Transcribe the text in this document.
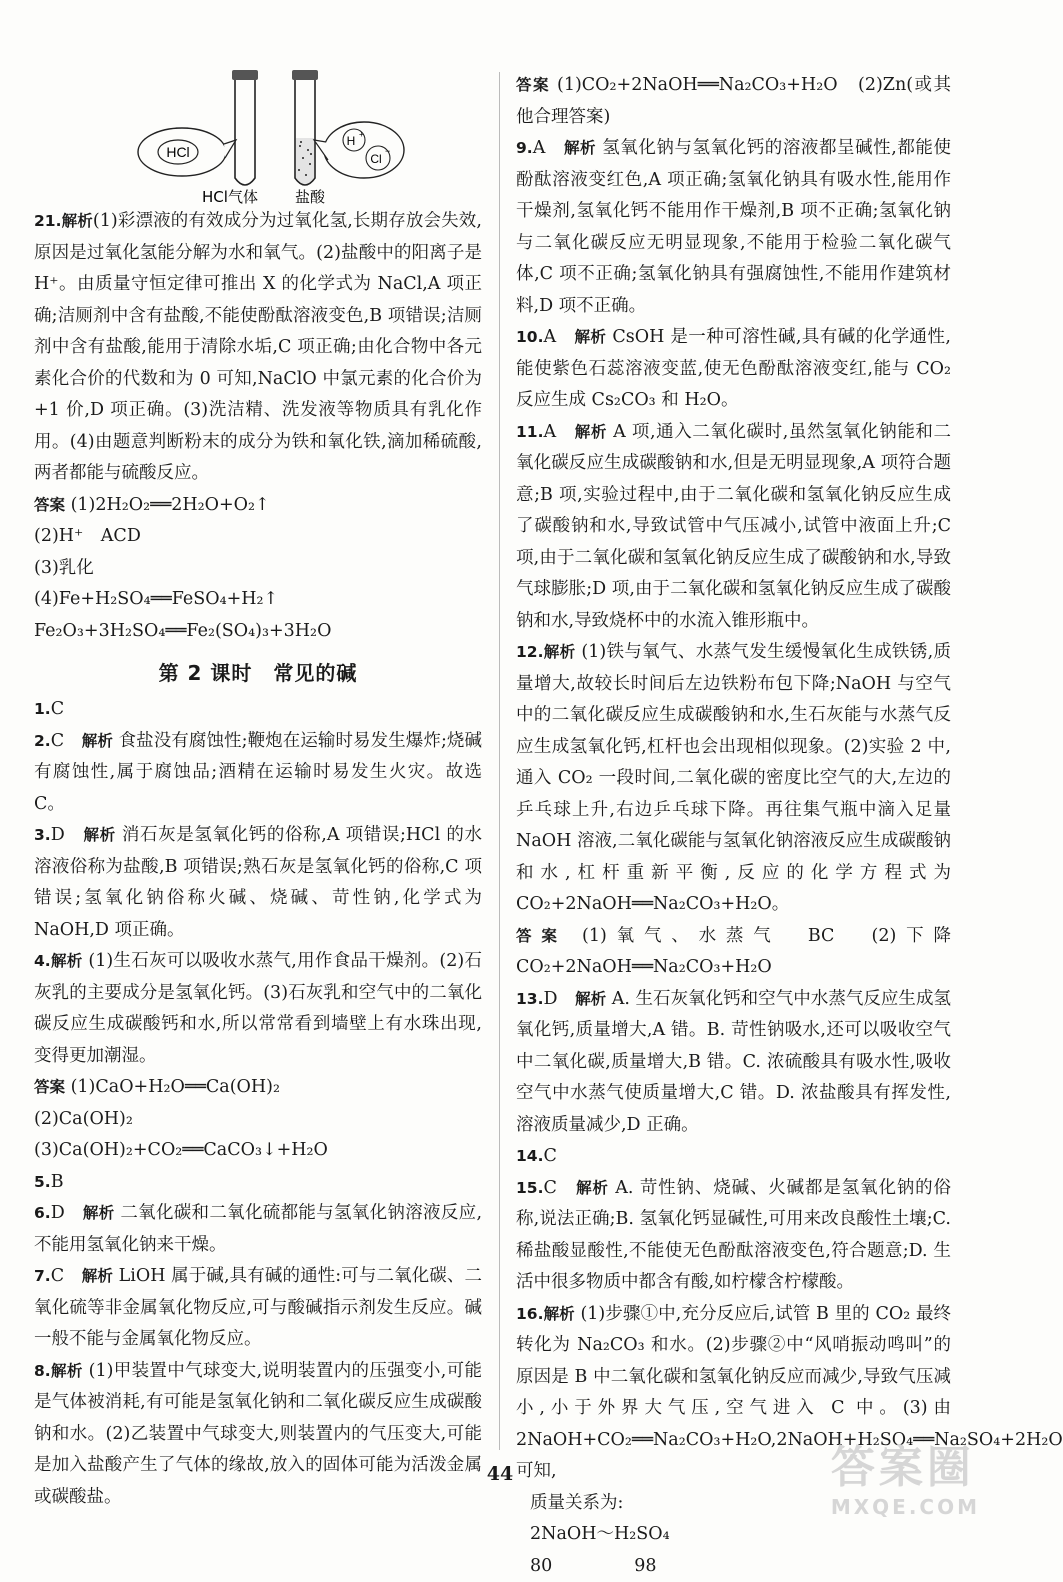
HCl
H +
Cl
−
HCl气体 盐酸
21.解析(1)彩漂液的有效成分为过氧化氢,长期存放会失效,原因是过氧化氢能分解为水和氧气。(2)盐酸中的阳离子是 H⁺。由质量守恒定律可推出 X 的化学式为 NaCl,A 项正确;洁厕剂中含有盐酸,不能使酚酞溶液变色,B 项错误;洁厕剂中含有盐酸,能用于清除水垢,C 项正确;由化合物中各元素化合价的代数和为 0 可知,NaClO 中氯元素的化合价为+1 价,D 项正确。(3)洗洁精、洗发液等物质具有乳化作用。(4)由题意判断粉末的成分为铁和氧化铁,滴加稀硫酸,两者都能与硫酸反应。
答案 (1)2H₂O₂══2H₂O+O₂↑
(2)H⁺　ACD
(3)乳化
(4)Fe+H₂SO₄══FeSO₄+H₂↑
Fe₂O₃+3H₂SO₄══Fe₂(SO₄)₃+3H₂O
第 2 课时　常见的碱
1.C
2.C　解析 食盐没有腐蚀性;鞭炮在运输时易发生爆炸;烧碱有腐蚀性,属于腐蚀品;酒精在运输时易发生火灾。故选 C。
3.D　解析 消石灰是氢氧化钙的俗称,A 项错误;HCl 的水溶液俗称为盐酸,B 项错误;熟石灰是氢氧化钙的俗称,C 项错误;氢氧化钠俗称火碱、烧碱、苛性钠,化学式为 NaOH,D 项正确。
4.解析 (1)生石灰可以吸收水蒸气,用作食品干燥剂。(2)石灰乳的主要成分是氢氧化钙。(3)石灰乳和空气中的二氧化碳反应生成碳酸钙和水,所以常常看到墙壁上有水珠出现,变得更加潮湿。
答案 (1)CaO+H₂O══Ca(OH)₂
(2)Ca(OH)₂
(3)Ca(OH)₂+CO₂══CaCO₃↓+H₂O
5.B
6.D　解析 二氧化碳和二氧化硫都能与氢氧化钠溶液反应,不能用氢氧化钠来干燥。
7.C　解析 LiOH 属于碱,具有碱的通性:可与二氧化碳、二氧化硫等非金属氧化物反应,可与酸碱指示剂发生反应。碱一般不能与金属氧化物反应。
8.解析 (1)甲装置中气球变大,说明装置内的压强变小,可能是气体被消耗,有可能是氢氧化钠和二氧化碳反应生成碳酸钠和水。(2)乙装置中气球变大,则装置内的气压变大,可能是加入盐酸产生了气体的缘故,放入的固体可能为活泼金属或碳酸盐。
答案 (1)CO₂+2NaOH══Na₂CO₃+H₂O　(2)Zn(或其他合理答案)
9.A　解析 氢氧化钠与氢氧化钙的溶液都呈碱性,都能使酚酞溶液变红色,A 项正确;氢氧化钠具有吸水性,能用作干燥剂,氢氧化钙不能用作干燥剂,B 项不正确;氢氧化钠与二氧化碳反应无明显现象,不能用于检验二氧化碳气体,C 项不正确;氢氧化钠具有强腐蚀性,不能用作建筑材料,D 项不正确。
10.A　解析 CsOH 是一种可溶性碱,具有碱的化学通性,能使紫色石蕊溶液变蓝,使无色酚酞溶液变红,能与 CO₂ 反应生成 Cs₂CO₃ 和 H₂O。
11.A　解析 A 项,通入二氧化碳时,虽然氢氧化钠能和二氧化碳反应生成碳酸钠和水,但是无明显现象,A 项符合题意;B 项,实验过程中,由于二氧化碳和氢氧化钠反应生成了碳酸钠和水,导致试管中气压减小,试管中液面上升;C 项,由于二氧化碳和氢氧化钠反应生成了碳酸钠和水,导致气球膨胀;D 项,由于二氧化碳和氢氧化钠反应生成了碳酸钠和水,导致烧杯中的水流入锥形瓶中。
12.解析 (1)铁与氧气、水蒸气发生缓慢氧化生成铁锈,质量增大,故较长时间后左边铁粉布包下降;NaOH 与空气中的二氧化碳反应生成碳酸钠和水,生石灰能与水蒸气反应生成氢氧化钙,杠杆也会出现相似现象。(2)实验 2 中,通入 CO₂ 一段时间,二氧化碳的密度比空气的大,左边的乒乓球上升,右边乒乓球下降。再往集气瓶中滴入足量 NaOH 溶液,二氧化碳能与氢氧化钠溶液反应生成碳酸钠和水,杠杆重新平衡,反应的化学方程式为 CO₂+2NaOH══Na₂CO₃+H₂O。
答案 (1)氧气、水蒸气　BC　(2)下降　CO₂+2NaOH══Na₂CO₃+H₂O
13.D　解析 A. 生石灰氧化钙和空气中水蒸气反应生成氢氧化钙,质量增大,A 错。B. 苛性钠吸水,还可以吸收空气中二氧化碳,质量增大,B 错。C. 浓硫酸具有吸水性,吸收空气中水蒸气使质量增大,C 错。D. 浓盐酸具有挥发性,溶液质量减少,D 正确。
14.C
15.C　解析 A. 苛性钠、烧碱、火碱都是氢氧化钠的俗称,说法正确;B. 氢氧化钙显碱性,可用来改良酸性土壤;C. 稀盐酸显酸性,不能使无色酚酞溶液变色,符合题意;D. 生活中很多物质中都含有酸,如柠檬含柠檬酸。
16.解析 (1)步骤①中,充分反应后,试管 B 里的 CO₂ 最终转化为 Na₂CO₃ 和水。(2)步骤②中“风哨振动鸣叫”的原因是 B 中二氧化碳和氢氧化钠反应而减少,导致气压减小,小于外界大气压,空气进入 C 中。(3)由2NaOH+CO₂══Na₂CO₃+H₂O,2NaOH+H₂SO₄══Na₂SO₄+2H₂O 可知,
质量关系为:
2NaOH～H₂SO₄
80	98
44	答案圈
MXQE.COM
